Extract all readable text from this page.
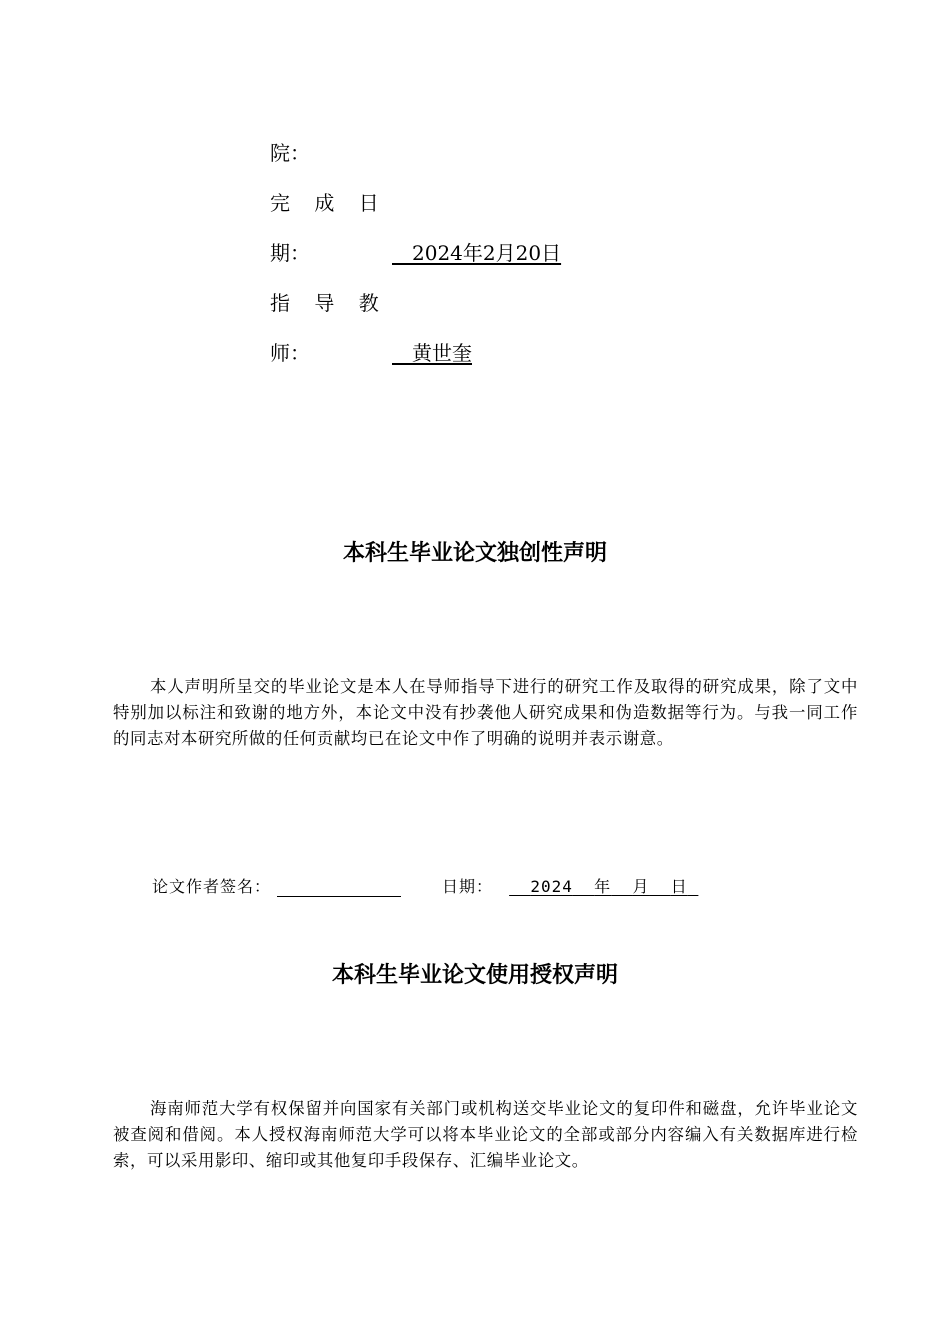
院：
完 成 日
期：
 	2024年2月20日
指 导 教
师：
 	黄世奎
本科生毕业论文独创性声明

本人声明所呈交的毕业论文是本人在导师指导下进行的研究工作及取得的研究成果，除了文中特别加以标注和致谢的地方外，本论文中没有抄袭他人研究成果和伪造数据等行为。与我一同工作的同志对本研究所做的任何贡献均已在论文中作了明确的说明并表示谢意。

论文作者签名：	日期：    2024   年   月   日 
本科生毕业论文使用授权声明

海南师范大学有权保留并向国家有关部门或机构送交毕业论文的复印件和磁盘，允许毕业论文被查阅和借阅。本人授权海南师范大学可以将本毕业论文的全部或部分内容编入有关数据库进行检索，可以采用影印、缩印或其他复印手段保存、汇编毕业论文。
